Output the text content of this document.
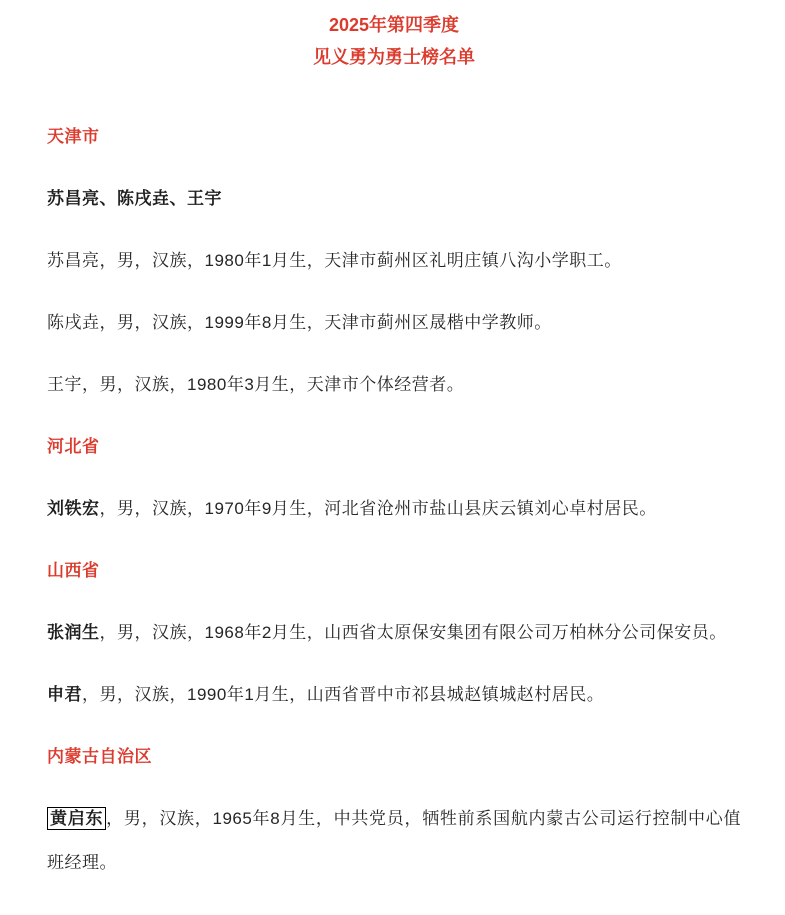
2025年第四季度

见义勇为勇士榜名单

天津市

苏昌亮、陈戌垚、王宇

苏昌亮，男，汉族，1980年1月生，天津市蓟州区礼明庄镇八沟小学职工。

陈戌垚，男，汉族，1999年8月生，天津市蓟州区晟楷中学教师。

王宇，男，汉族，1980年3月生，天津市个体经营者。

河北省

刘铁宏，男，汉族，1970年9月生，河北省沧州市盐山县庆云镇刘心卓村居民。

山西省

张润生，男，汉族，1968年2月生，山西省太原保安集团有限公司万柏林分公司保安员。

申君，男，汉族，1990年1月生，山西省晋中市祁县城赵镇城赵村居民。

内蒙古自治区

黄启东 ，男，汉族，1965年8月生，中共党员，牺牲前系国航内蒙古公司运行控制中心值班经理。
